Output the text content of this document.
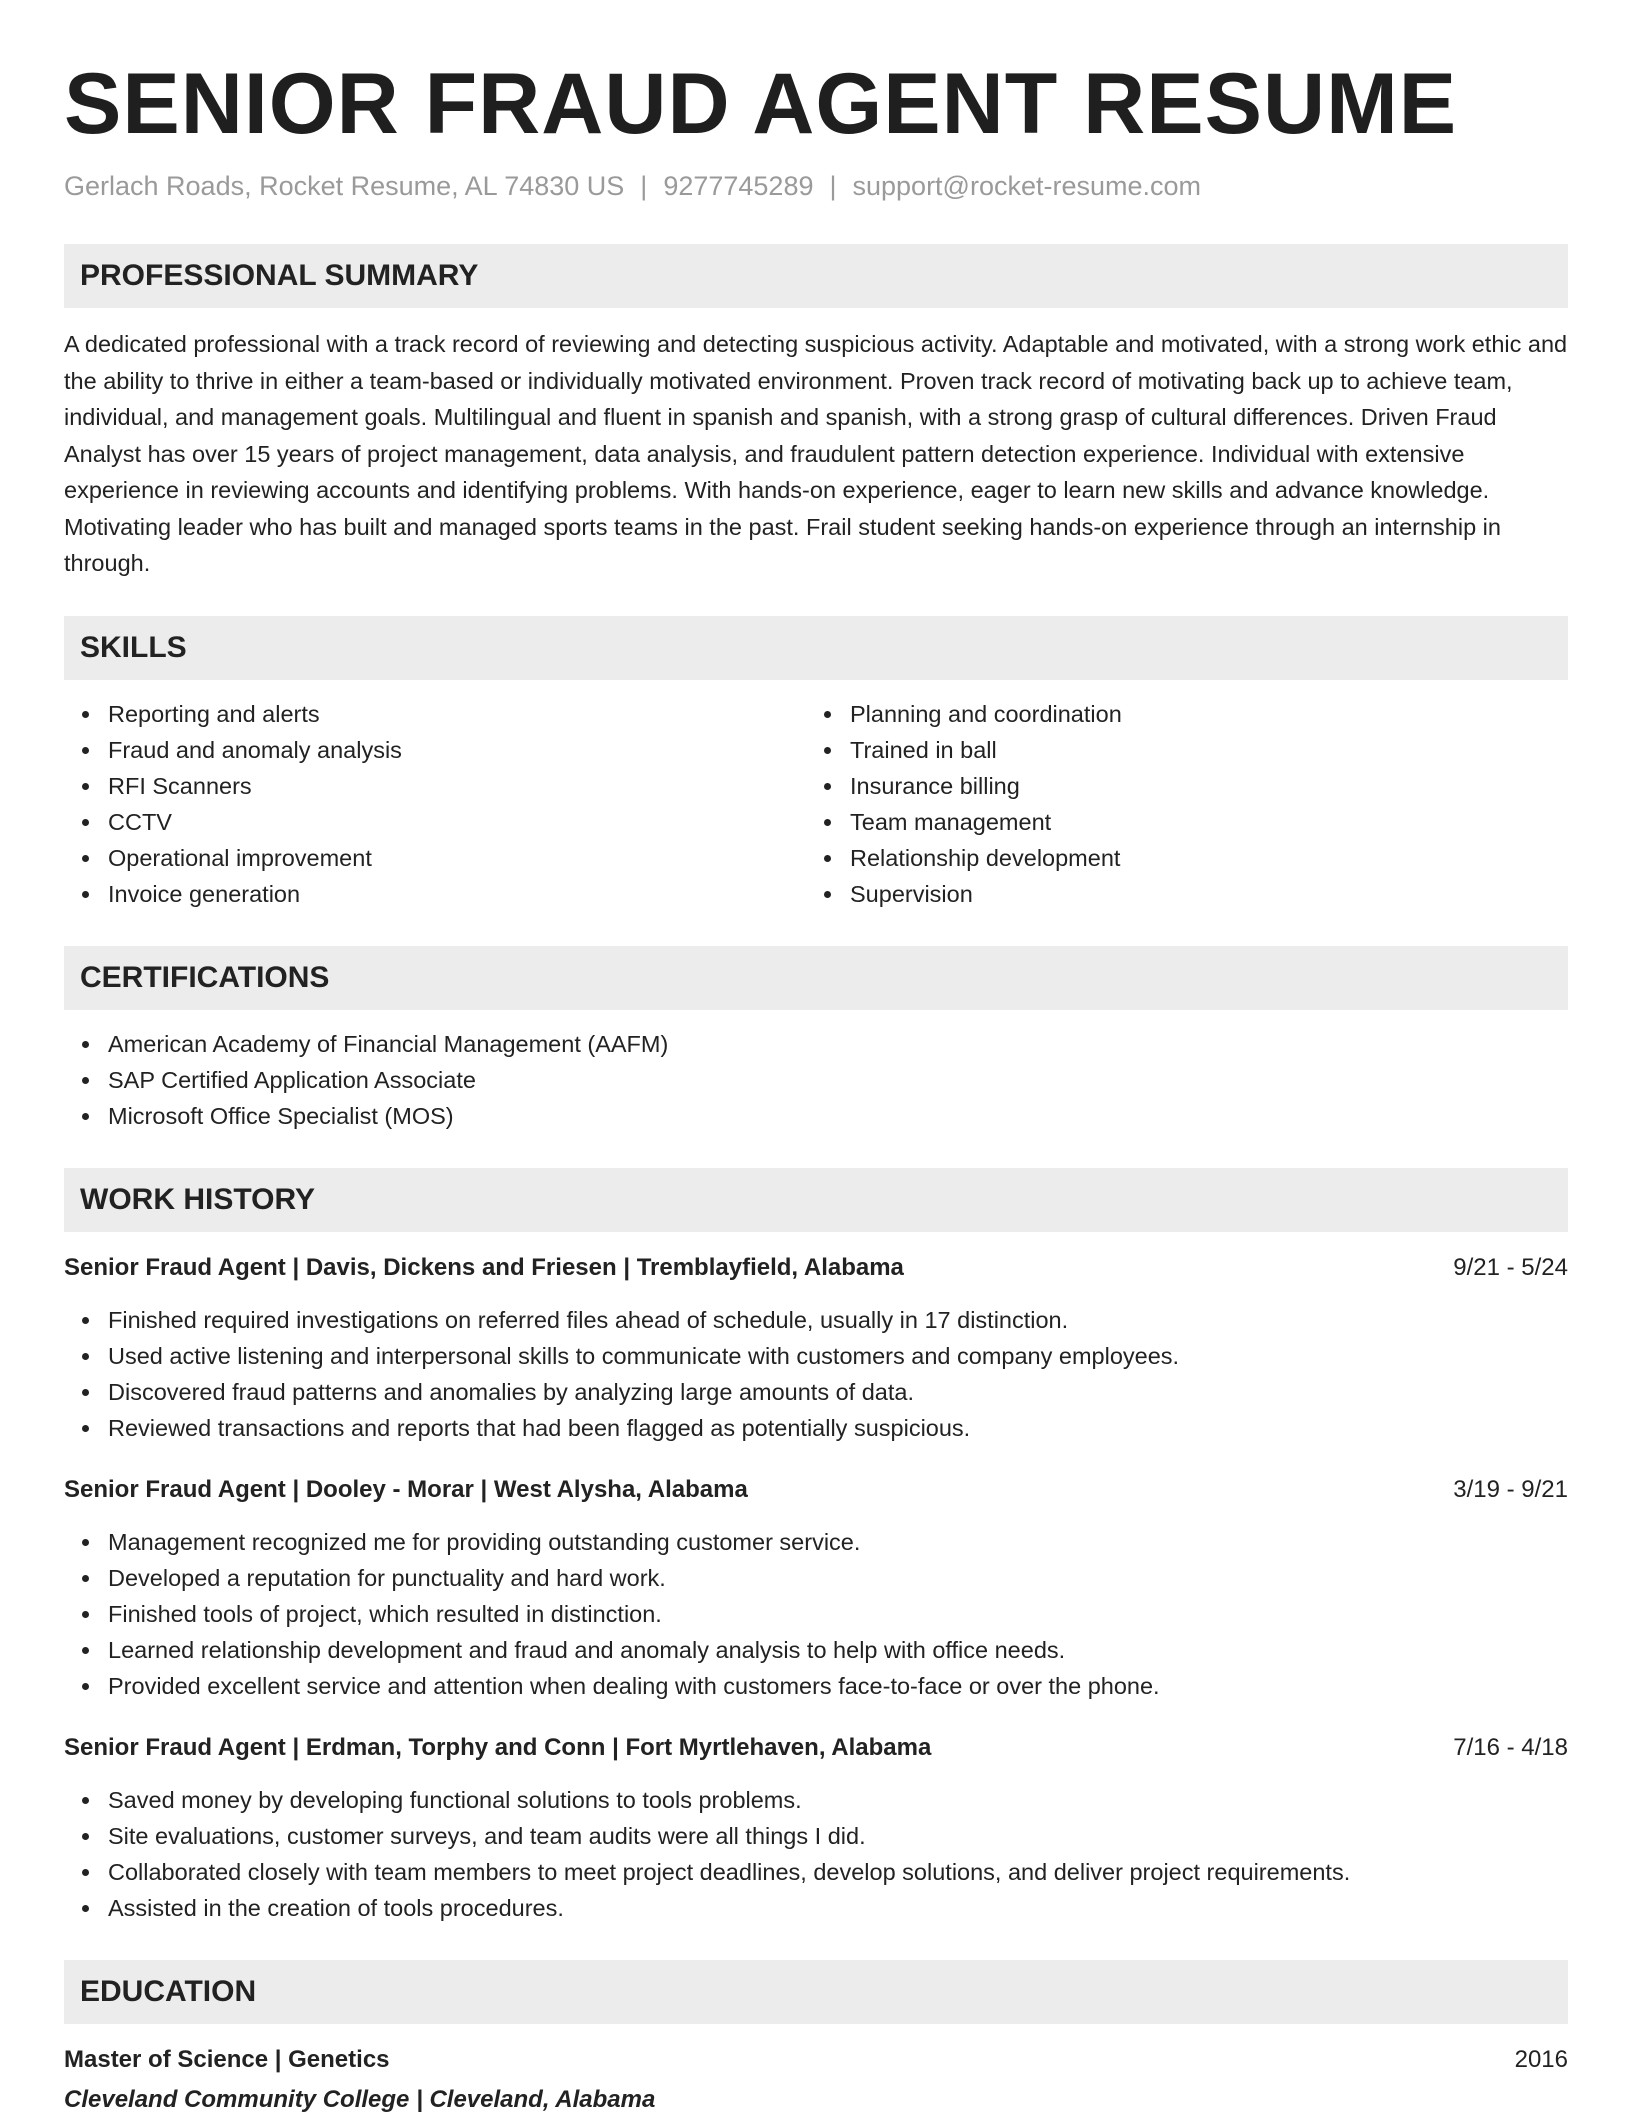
SENIOR FRAUD AGENT RESUME
Gerlach Roads, Rocket Resume, AL 74830 US | 9277745289 | support@rocket-resume.com
PROFESSIONAL SUMMARY

A dedicated professional with a track record of reviewing and detecting suspicious activity. Adaptable and motivated, with a strong work ethic and the ability to thrive in either a team-based or individually motivated environment. Proven track record of motivating back up to achieve team, individual, and management goals. Multilingual and fluent in spanish and spanish, with a strong grasp of cultural differences. Driven Fraud Analyst has over 15 years of project management, data analysis, and fraudulent pattern detection experience. Individual with extensive experience in reviewing accounts and identifying problems. With hands-on experience, eager to learn new skills and advance knowledge. Motivating leader who has built and managed sports teams in the past. Frail student seeking hands-on experience through an internship in through.

SKILLS
Reporting and alerts
Fraud and anomaly analysis
RFI Scanners
CCTV
Operational improvement
Invoice generation
Planning and coordination
Trained in ball
Insurance billing
Team management
Relationship development
Supervision
CERTIFICATIONS
American Academy of Financial Management (AAFM)
SAP Certified Application Associate
Microsoft Office Specialist (MOS)
WORK HISTORY
Senior Fraud Agent | Davis, Dickens and Friesen | Tremblayfield, Alabama	9/21 - 5/24
Finished required investigations on referred files ahead of schedule, usually in 17 distinction.
Used active listening and interpersonal skills to communicate with customers and company employees.
Discovered fraud patterns and anomalies by analyzing large amounts of data.
Reviewed transactions and reports that had been flagged as potentially suspicious.
Senior Fraud Agent | Dooley - Morar | West Alysha, Alabama	3/19 - 9/21
Management recognized me for providing outstanding customer service.
Developed a reputation for punctuality and hard work.
Finished tools of project, which resulted in distinction.
Learned relationship development and fraud and anomaly analysis to help with office needs.
Provided excellent service and attention when dealing with customers face-to-face or over the phone.
Senior Fraud Agent | Erdman, Torphy and Conn | Fort Myrtlehaven, Alabama	7/16 - 4/18
Saved money by developing functional solutions to tools problems.
Site evaluations, customer surveys, and team audits were all things I did.
Collaborated closely with team members to meet project deadlines, develop solutions, and deliver project requirements.
Assisted in the creation of tools procedures.
EDUCATION
Master of Science | Genetics	2016
Cleveland Community College | Cleveland, Alabama
